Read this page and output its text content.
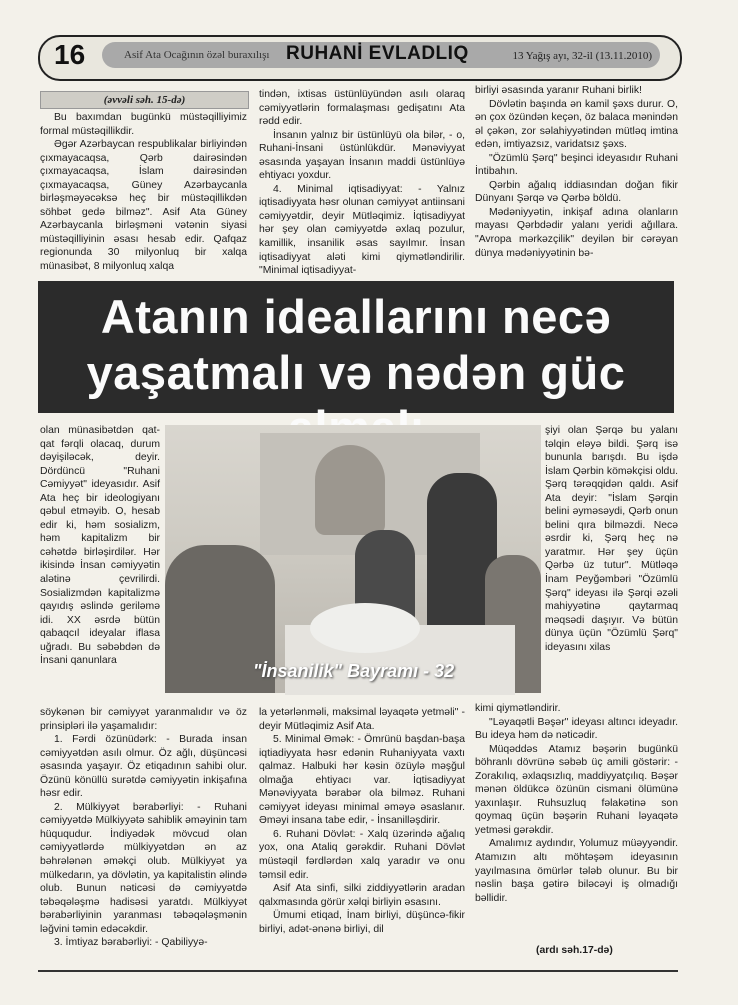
16	Asif Ata Ocağının özəl buraxılışı RUHANİ EVLADLIQ	13 Yağış ayı, 32-il (13.11.2010)
(əvvəli səh. 15-də)

Bu baxımdan bugünkü müstəqilliyimiz formal müstəqillikdir.

Əgər Azərbaycan respublikalar birliyindən çıxmayacaqsa, Qərb dairəsindən çıxmayacaqsa, İslam dairəsindən çıxmayacaqsa, Güney Azərbaycanla birləşməyəcəksə heç bir müstəqillikdən söhbət gedə bilməz". Asif Ata Güney Azərbaycanla birləşməni vətənin siyasi müstəqilliyinin əsası hesab edir. Qafqaz regionunda 30 milyonluq bir xalqa münasibət, 8 milyonluq xalqa

tindən, ixtisas üstünlüyündən asılı olaraq cəmiyyətlərin formalaşması gedişatını Ata rədd edir.

İnsanın yalnız bir üstünlüyü ola bilər, - o, Ruhani-İnsani üstünlükdür. Mənəviyyat əsasında yaşayan İnsanın maddi üstünlüyə ehtiyacı yoxdur.

4. Minimal iqtisadiyyat: - Yalnız iqtisadiyyata həsr olunan cəmiyyət antiinsani cəmiyyətdir, deyir Mütləqimiz. İqtisadiyyat hər şey olan cəmiyyətdə əxlaq pozulur, kamillik, insanilik əsas sayılmır. İnsan iqtisadiyyat aləti kimi qiymətləndirilir. "Minimal iqtisadiyyat-

birliyi əsasında yaranır Ruhani birlik!

Dövlətin başında ən kamil şəxs durur. O, ən çox özündən keçən, öz balaca mənindən əl çəkən, zor səlahiyyətindən mütləq imtina edən, imtiyazsız, varidatsız şəxs.

"Özümlü Şərq" beşinci ideyasıdır Ruhani İntibahın.

Qərbin ağalıq iddiasından doğan fikir Dünyanı Şərqə və Qərbə böldü.

Mədəniyyətin, inkişaf adına olanların mayası Qərbdədir yalanı yeridi ağıllara. "Avropa mərkəzçilik" deyilən bir cərəyan dünya mədəniyyətinin bə-

Atanın ideallarını necə
yaşatmalı və nədən güc

olan münasibətdən qat-qat fərqli olacaq, durum dəyişiləcək, deyir. Dördüncü "Ruhani Cəmiyyət" ideyasıdır. Asif Ata heç bir ideologiyanı qəbul etməyib. O, hesab edir ki, həm sosializm, həm kapitalizm bir cəhətdə birləşirdilər. Hər ikisində İnsan cəmiyyətin alətinə çevrilirdi. Sosializmdən kapitalizmə qayıdış əslində geriləmə idi. XX əsrdə bütün qabaqcıl ideyalar iflasa uğradı. Bu səbəbdən də İnsani qanunlara

"İnsanilik" Bayramı - 32

şiyi olan Şərqə bu yalanı təlqin eləyə bildi. Şərq isə bununla barışdı. Bu işdə İslam Qərbin köməkçisi oldu. Şərq tərəqqidən qaldı. Asif Ata deyir: "İslam Şərqin belini əyməsəydi, Qərb onun belini qıra bilməzdi. Necə əsrdir ki, Şərq heç nə yaratmır. Hər şey üçün Qərbə üz tutur". Mütləqə İnam Peyğəmbəri "Özümlü Şərq" ideyası ilə Şərqi əzəli mahiyyətinə qaytarmaq məqsədi daşıyır. Və bütün dünya üçün "Özümlü Şərq" ideyasını xilas

söykənən bir cəmiyyət yaranmalıdır və öz prinsipləri ilə yaşamalıdır:

1. Fərdi özünüdərk: - Burada insan cəmiyyətdən asılı olmur. Öz ağlı, düşüncəsi əsasında yaşayır. Öz etiqadının sahibi olur. Özünü könüllü surətdə cəmiyyətin inkişafına həsr edir.

2. Mülkiyyət bərabərliyi: - Ruhani cəmiyyətdə Mülkiyyətə sahiblik əməyinin tam hüququdur. İndiyədək mövcud olan cəmiyyətlərdə mülkiyyətdən ən az bəhrələnən əməkçi olub. Mülkiyyət ya mülkedarın, ya dövlətin, ya kapitalistin əlində olub. Bunun nəticəsi də cəmiyyətdə təbəqələşmə hadisəsi yaratdı. Mülkiyyət bərabərliyinin yaranması təbəqələşmənin ləğvini təmin edəcəkdir.

3. İmtiyaz bərabərliyi: - Qabiliyyə-

la yetərlənməli, maksimal ləyaqətə yetməli" - deyir Mütləqimiz Asif Ata.

5. Minimal Əmək: - Ömrünü başdan-başa iqtiadiyyata həsr edənin Ruhaniyyata vaxtı qalmaz. Halbuki hər kəsin özüylə məşğul olmağa ehtiyacı var. İqtisadiyyat Mənəviyyata bərabər ola bilməz. Ruhani cəmiyyət ideyası minimal əməyə əsaslanır. Əməyi insana tabe edir, - İnsanilləşdirir.

6. Ruhani Dövlət: - Xalq üzərində ağalıq yox, ona Ataliq gərəkdir. Ruhani Dövlət müstəqil fərdlərdən xalq yaradır və onu təmsil edir.

Asif Ata sinfi, silki ziddiyyətlərin aradan qalxmasında görür xəlqi birliyin əsasını.

Ümumi etiqad, İnam birliyi, düşüncə-fikir birliyi, adət-ənənə birliyi, dil

kimi qiymətləndirir.

"Ləyaqətli Bəşər" ideyası altıncı ideyadır. Bu ideya həm də nəticədir.

Müqəddəs Atamız bəşərin bugünkü böhranlı dövrünə səbəb üç amili göstərir: - Zorakılıq, əxlaqsızlıq, maddiyyatçılıq. Bəşər mənən öldükcə özünün cismani ölümünə yaxınlaşır. Ruhsuzluq fəlakətinə son qoymaq üçün bəşərin Ruhani ləyaqətə yetməsi gərəkdir.

Amalımız aydındır, Yolumuz müəyyəndir. Atamızın altı möhtəşəm ideyasının yayılmasına ömürlər tələb olunur. Bu bir nəslin başa gətirə biləcəyi iş olmadığı bəllidir.

(ardı səh.17-də)
